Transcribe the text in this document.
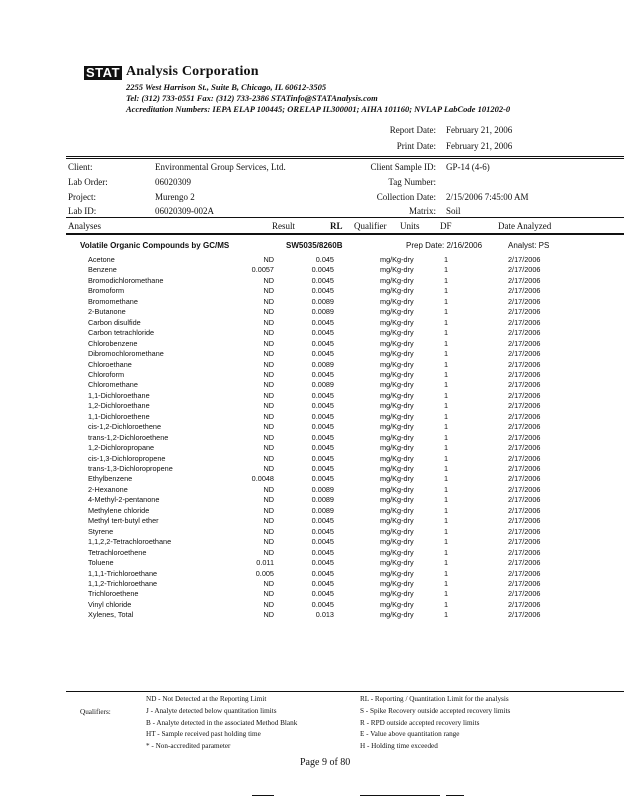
STAT Analysis Corporation
2255 West Harrison St., Suite B, Chicago, IL 60612-3505
Tel: (312) 733-0551 Fax: (312) 733-2386 STATinfo@STATAnalysis.com
Accreditation Numbers: IEPA ELAP 100445; ORELAP IL300001; AIHA 101160; NVLAP LabCode 101202-0
Report Date: February 21, 2006
Print Date: February 21, 2006
Client:	Environmental Group Services, Ltd.
Lab Order:	06020309
Project:	Murengo 2
Lab ID:	06020309-002A
Client Sample ID: GP-14 (4-6)
Tag Number:
Collection Date: 2/15/2006 7:45:00 AM
Matrix: Soil
Analyses	Result	RL Qualifier Units DF	Date Analyzed
Volatile Organic Compounds by GC/MS	SW5035/8260B	Prep Date: 2/16/2006	Analyst: PS
Acetone	ND	0.045	mg/Kg-dry	1	2/17/2006
Benzene	0.0057	0.0045	mg/Kg-dry	1	2/17/2006
Bromodichloromethane	ND	0.0045	mg/Kg-dry	1	2/17/2006
Bromoform	ND	0.0045	mg/Kg-dry	1	2/17/2006
Bromomethane	ND	0.0089	mg/Kg-dry	1	2/17/2006
2-Butanone	ND	0.0089	mg/Kg-dry	1	2/17/2006
Carbon disulfide	ND	0.0045	mg/Kg-dry	1	2/17/2006
Carbon tetrachloride	ND	0.0045	mg/Kg-dry	1	2/17/2006
Chlorobenzene	ND	0.0045	mg/Kg-dry	1	2/17/2006
Dibromochloromethane	ND	0.0045	mg/Kg-dry	1	2/17/2006
Chloroethane	ND	0.0089	mg/Kg-dry	1	2/17/2006
Chloroform	ND	0.0045	mg/Kg-dry	1	2/17/2006
Chloromethane	ND	0.0089	mg/Kg-dry	1	2/17/2006
1,1-Dichloroethane	ND	0.0045	mg/Kg-dry	1	2/17/2006
1,2-Dichloroethane	ND	0.0045	mg/Kg-dry	1	2/17/2006
1,1-Dichloroethene	ND	0.0045	mg/Kg-dry	1	2/17/2006
cis-1,2-Dichloroethene	ND	0.0045	mg/Kg-dry	1	2/17/2006
trans-1,2-Dichloroethene	ND	0.0045	mg/Kg-dry	1	2/17/2006
1,2-Dichloropropane	ND	0.0045	mg/Kg-dry	1	2/17/2006
cis-1,3-Dichloropropene	ND	0.0045	mg/Kg-dry	1	2/17/2006
trans-1,3-Dichloropropene	ND	0.0045	mg/Kg-dry	1	2/17/2006
Ethylbenzene	0.0048	0.0045	mg/Kg-dry	1	2/17/2006
2-Hexanone	ND	0.0089	mg/Kg-dry	1	2/17/2006
4-Methyl-2-pentanone	ND	0.0089	mg/Kg-dry	1	2/17/2006
Methylene chloride	ND	0.0089	mg/Kg-dry	1	2/17/2006
Methyl tert-butyl ether	ND	0.0045	mg/Kg-dry	1	2/17/2006
Styrene	ND	0.0045	mg/Kg-dry	1	2/17/2006
1,1,2,2-Tetrachloroethane	ND	0.0045	mg/Kg-dry	1	2/17/2006
Tetrachloroethene	ND	0.0045	mg/Kg-dry	1	2/17/2006
Toluene	0.011	0.0045	mg/Kg-dry	1	2/17/2006
1,1,1-Trichloroethane	0.005	0.0045	mg/Kg-dry	1	2/17/2006
1,1,2-Trichloroethane	ND	0.0045	mg/Kg-dry	1	2/17/2006
Trichloroethene	ND	0.0045	mg/Kg-dry	1	2/17/2006
Vinyl chloride	ND	0.0045	mg/Kg-dry	1	2/17/2006
Xylenes, Total	ND	0.013	mg/Kg-dry	1	2/17/2006
Qualifiers:
ND - Not Detected at the Reporting Limit
J - Analyte detected below quantitation limits
B - Analyte detected in the associated Method Blank
HT - Sample received past holding time
* - Non-accredited parameter
RL - Reporting / Quantitation Limit for the analysis
S - Spike Recovery outside accepted recovery limits
R - RPD outside accepted recovery limits
E - Value above quantitation range
H - Holding time exceeded
Page 9 of 80
